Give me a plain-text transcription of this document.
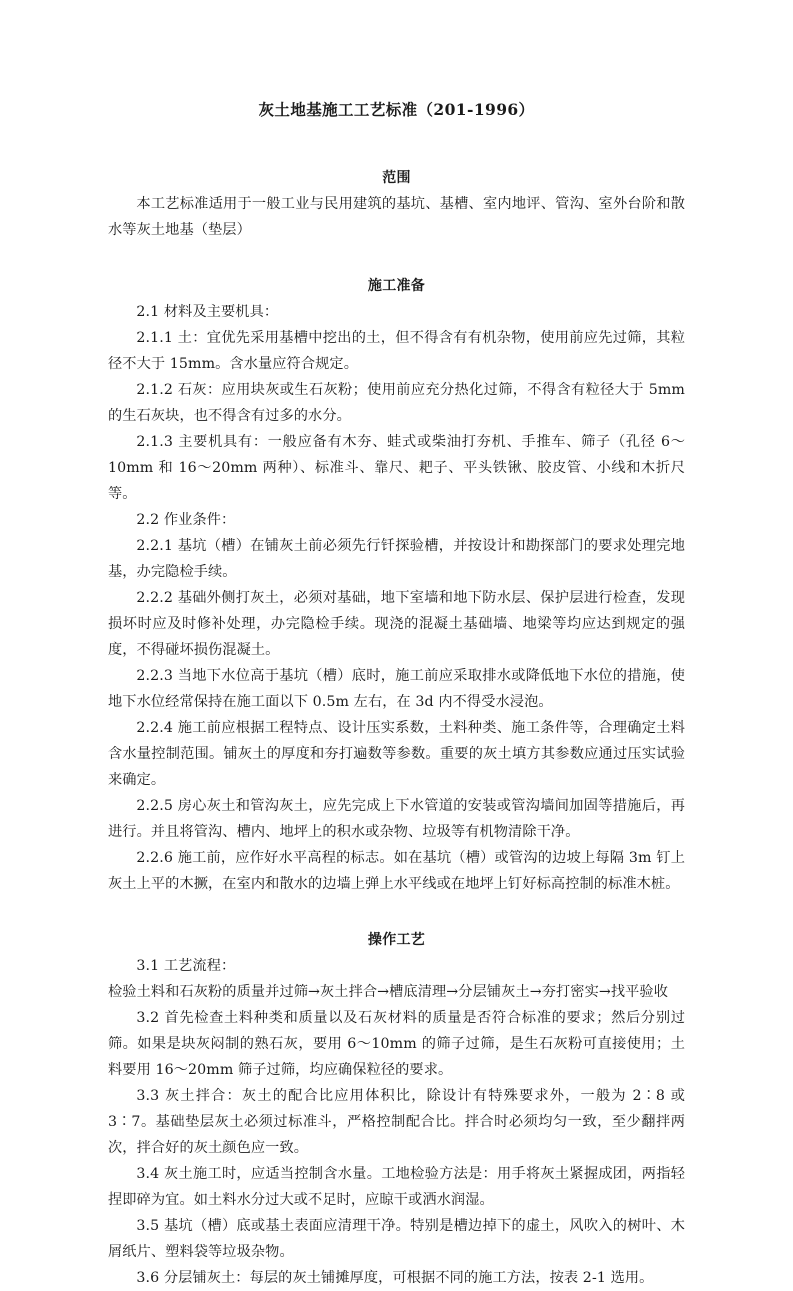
灰土地基施工工艺标准（201-1996）
范围

本工艺标准适用于一般工业与民用建筑的基坑、基槽、室内地评、管沟、室外台阶和散水等灰土地基（垫层）

施工准备

2.1 材料及主要机具：

2.1.1 土：宜优先采用基槽中挖出的土，但不得含有有机杂物，使用前应先过筛，其粒径不大于 15mm。含水量应符合规定。

2.1.2 石灰：应用块灰或生石灰粉；使用前应充分热化过筛，不得含有粒径大于 5mm 的生石灰块，也不得含有过多的水分。

2.1.3 主要机具有：一般应备有木夯、蛙式或柴油打夯机、手推车、筛子（孔径 6～10mm 和 16～20mm 两种）、标准斗、靠尺、耙子、平头铁锹、胶皮管、小线和木折尺等。

2.2 作业条件：

2.2.1 基坑（槽）在铺灰土前必须先行钎探验槽，并按设计和勘探部门的要求处理完地基，办完隐检手续。

2.2.2 基础外侧打灰土，必须对基础，地下室墙和地下防水层、保护层进行检查，发现损坏时应及时修补处理，办完隐检手续。现浇的混凝土基础墙、地梁等均应达到规定的强度，不得碰坏损伤混凝土。

2.2.3 当地下水位高于基坑（槽）底时，施工前应采取排水或降低地下水位的措施，使地下水位经常保持在施工面以下 0.5m 左右，在 3d 内不得受水浸泡。

2.2.4 施工前应根据工程特点、设计压实系数，土料种类、施工条件等，合理确定土料含水量控制范围。铺灰土的厚度和夯打遍数等参数。重要的灰土填方其参数应通过压实试验来确定。

2.2.5 房心灰土和管沟灰土，应先完成上下水管道的安装或管沟墙间加固等措施后，再进行。并且将管沟、槽内、地坪上的积水或杂物、垃圾等有机物清除干净。

2.2.6 施工前，应作好水平高程的标志。如在基坑（槽）或管沟的边坡上每隔 3m 钉上灰土上平的木撅，在室内和散水的边墙上弹上水平线或在地坪上钉好标高控制的标准木桩。

操作工艺

3.1 工艺流程：

检验土料和石灰粉的质量并过筛→灰土拌合→槽底清理→分层铺灰土→夯打密实→找平验收

3.2 首先检查土料种类和质量以及石灰材料的质量是否符合标准的要求；然后分别过筛。如果是块灰闷制的熟石灰，要用 6～10mm 的筛子过筛，是生石灰粉可直接使用；土料要用 16～20mm 筛子过筛，均应确保粒径的要求。

3.3 灰土拌合：灰土的配合比应用体积比，除设计有特殊要求外，一般为 2∶8 或 3∶7。基础垫层灰土必须过标准斗，严格控制配合比。拌合时必须均匀一致，至少翻拌两次，拌合好的灰土颜色应一致。

3.4 灰土施工时，应适当控制含水量。工地检验方法是：用手将灰土紧握成团，两指轻捏即碎为宜。如土料水分过大或不足时，应晾干或洒水润湿。

3.5 基坑（槽）底或基土表面应清理干净。特别是槽边掉下的虚土，风吹入的树叶、木屑纸片、塑料袋等垃圾杂物。

3.6 分层铺灰土：每层的灰土铺摊厚度，可根据不同的施工方法，按表 2-1 选用。
